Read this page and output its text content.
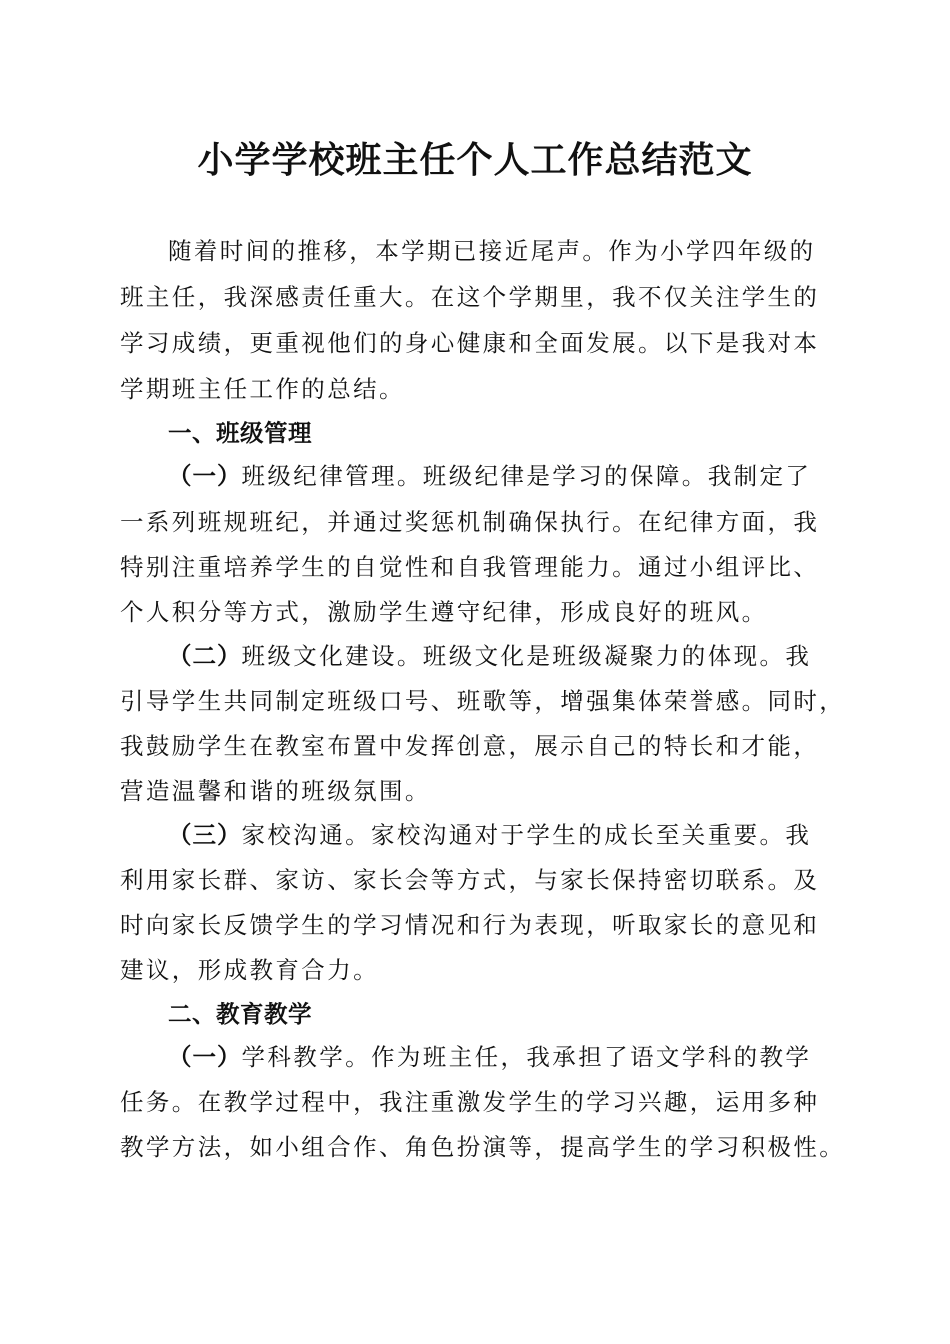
小学学校班主任个人工作总结范文
随着时间的推移，本学期已接近尾声。作为小学四年级的
班主任，我深感责任重大。在这个学期里，我不仅关注学生的
学习成绩，更重视他们的身心健康和全面发展。以下是我对本
学期班主任工作的总结。
一、班级管理
（一）班级纪律管理。班级纪律是学习的保障。我制定了
一系列班规班纪，并通过奖惩机制确保执行。在纪律方面，我
特别注重培养学生的自觉性和自我管理能力。通过小组评比、
个人积分等方式，激励学生遵守纪律，形成良好的班风。
（二）班级文化建设。班级文化是班级凝聚力的体现。我
引导学生共同制定班级口号、班歌等，增强集体荣誉感。同时，
我鼓励学生在教室布置中发挥创意，展示自己的特长和才能，
营造温馨和谐的班级氛围。
（三）家校沟通。家校沟通对于学生的成长至关重要。我
利用家长群、家访、家长会等方式，与家长保持密切联系。及
时向家长反馈学生的学习情况和行为表现，听取家长的意见和
建议，形成教育合力。
二、教育教学
（一）学科教学。作为班主任，我承担了语文学科的教学
任务。在教学过程中，我注重激发学生的学习兴趣，运用多种
教学方法，如小组合作、角色扮演等，提高学生的学习积极性。
